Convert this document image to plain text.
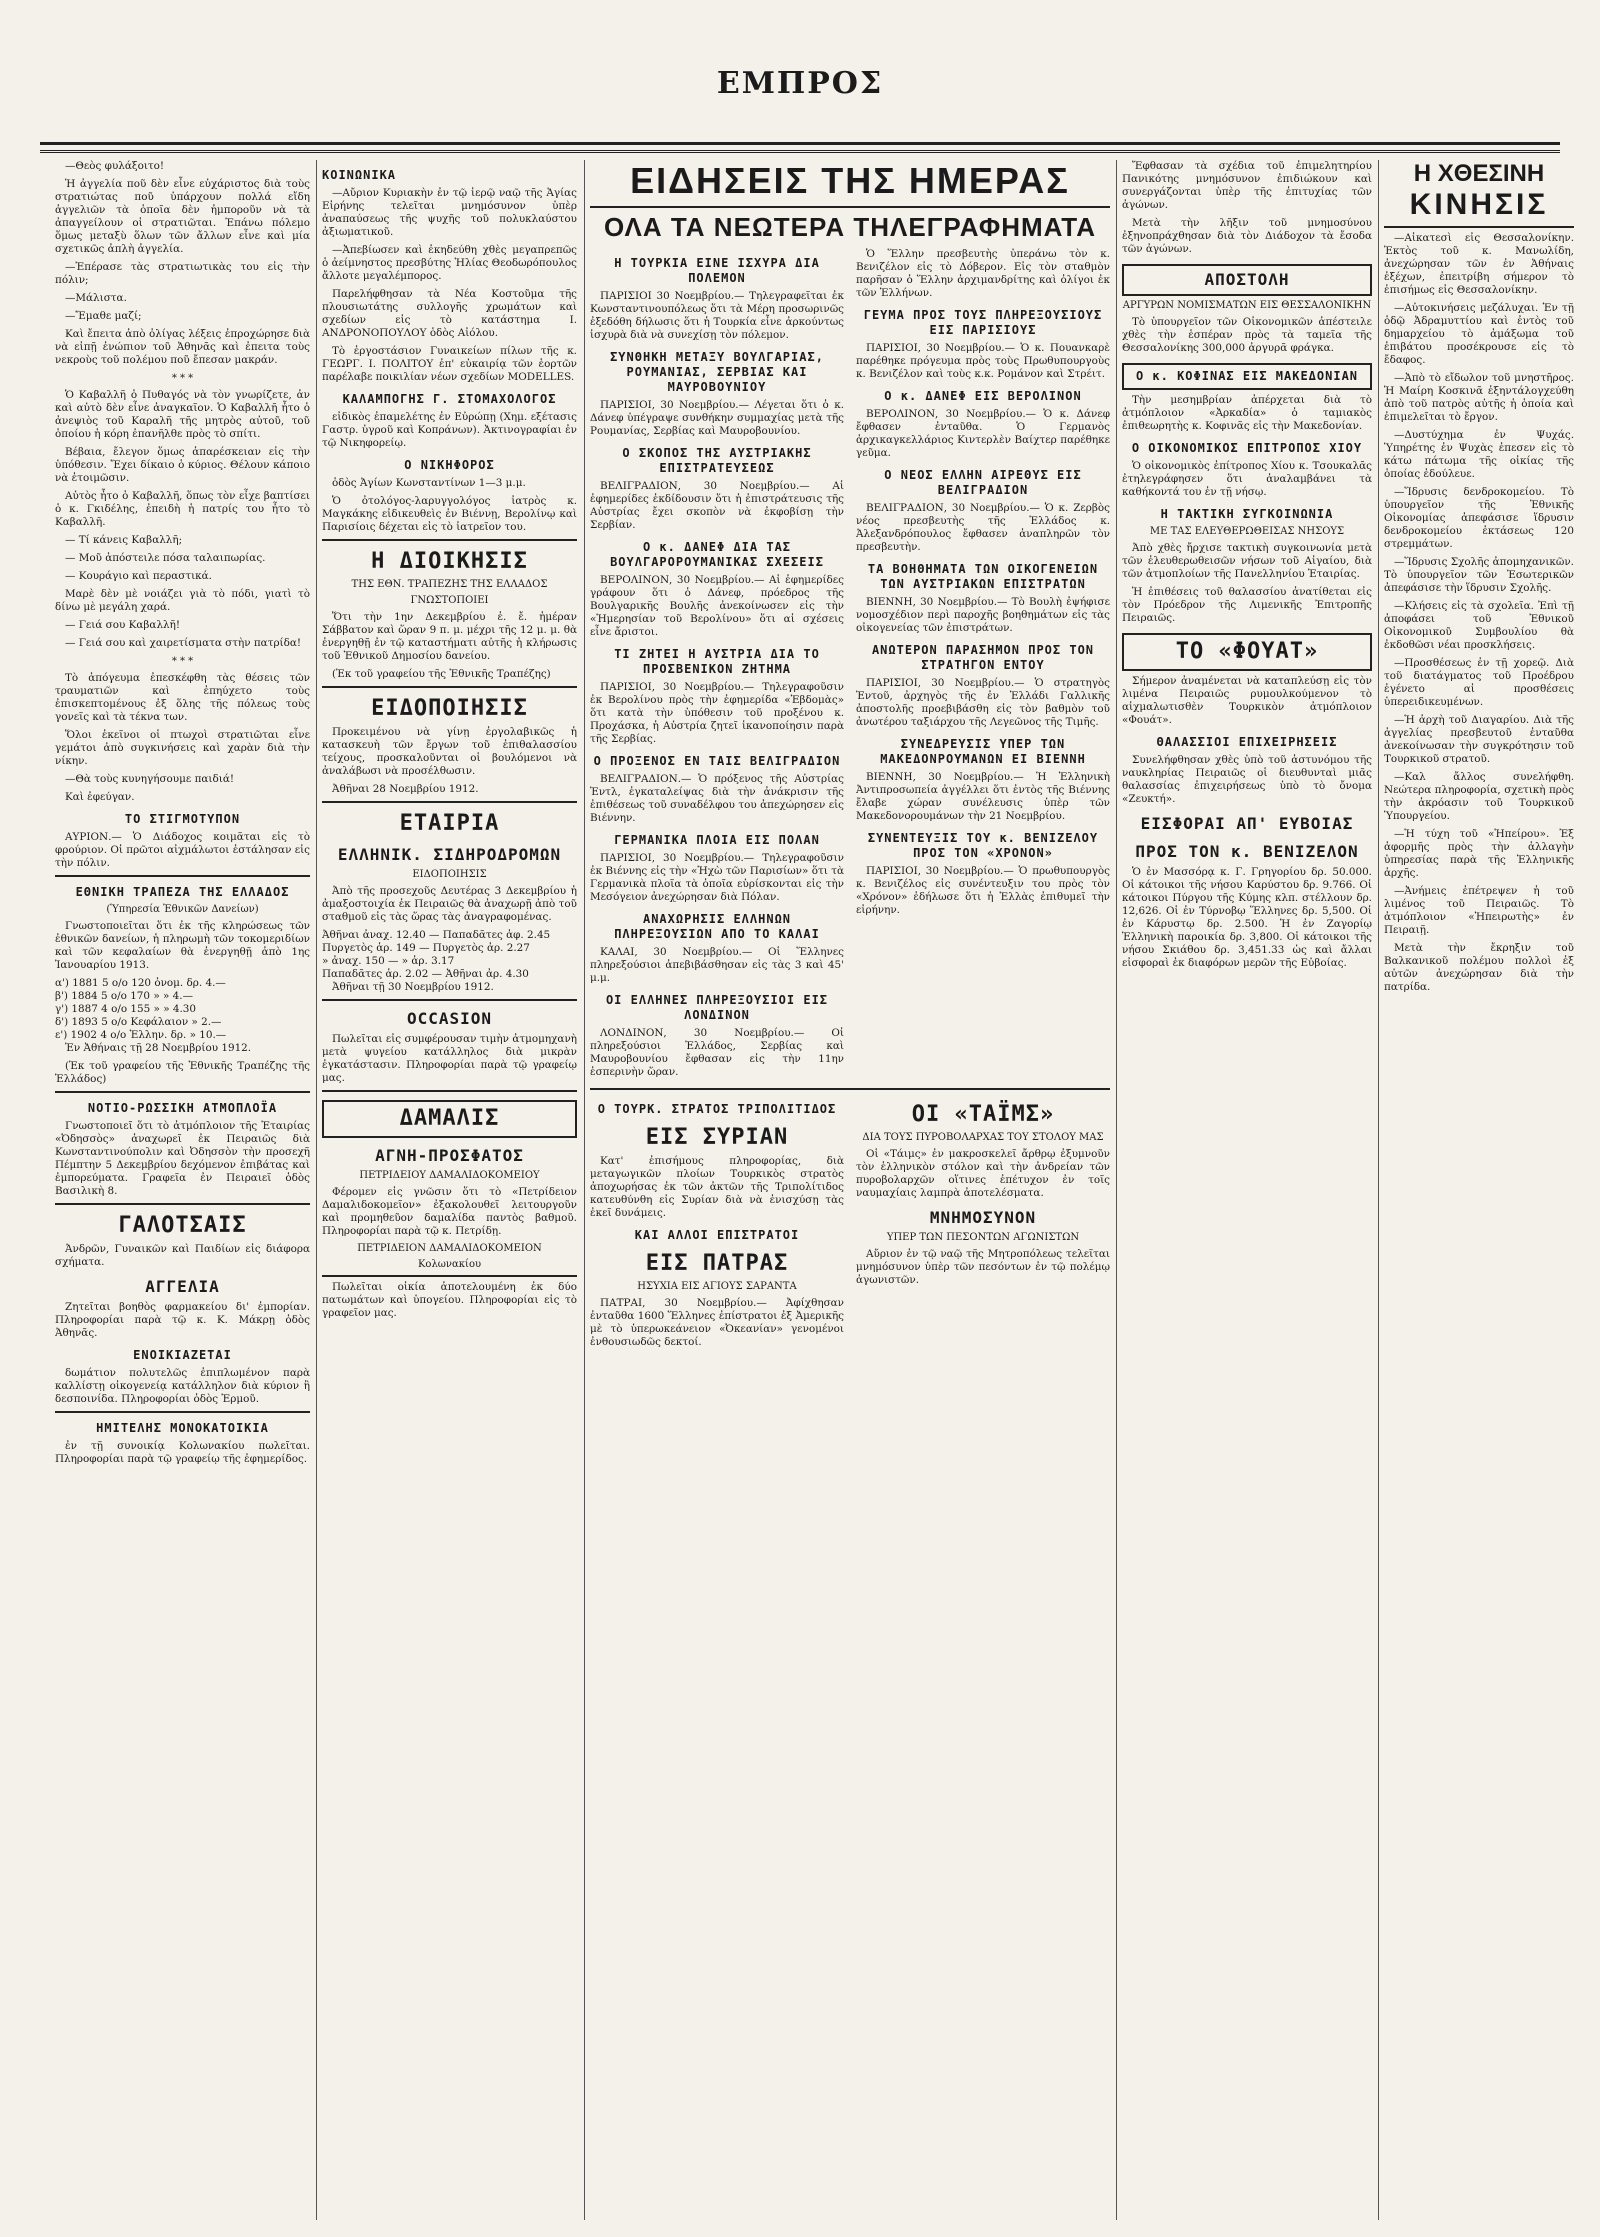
ΕΜΠΡΟΣ

—Θεὸς φυλάξοιτο!

Ἡ ἀγγελία ποῦ δὲν εἶνε εὐχάριστος διὰ τοὺς στρατιώτας ποῦ ὑπάρχουν πολλά εἴδη ἀγγελιῶν τὰ ὁποῖα δὲν ἠμποροῦν νὰ τὰ ἀπαγγείλουν οἱ στρατιῶται. Ἐπάνω πόλεμο ὅμως μεταξὺ ὅλων τῶν ἄλλων εἶνε καὶ μία σχετικῶς ἀπλὴ ἀγγελία.

—Ἐπέρασε τὰς στρατιωτικὰς του εἰς τὴν πόλιν;

—Μάλιστα.

—Ἔμαθε μαζί;

Καὶ ἔπειτα ἀπὸ ὀλίγας λέξεις ἐπροχώρησε διὰ νὰ εἰπῇ ἐνώπιον τοῦ Ἀθηνᾶς καὶ ἐπειτα τοὺς νεκροὺς τοῦ πολέμου ποῦ ἔπεσαν μακράν.

* * *

Ὁ Καβαλλῆ ὁ Πυθαγός νὰ τὸν γνωρίζετε, ἀν καὶ αὐτὸ δὲν εἶνε ἀναγκαῖον. Ὁ Καβαλλῆ ἦτο ὁ ἀνεψιὸς τοῦ Καραλῆ τῆς μητρὸς αὐτοῦ, τοῦ ὁποίου ἡ κόρη ἐπανῆλθε πρὸς τὸ σπίτι.

Βέβαια, ἔλεγον ὅμως ἀπαρέσκειαν εἰς τὴν ὑπόθεσιν. Ἔχει δίκαιο ὁ κύριος. Θέλουν κάποιο νὰ ἐτοιμῶσιν.

Αὐτὸς ἦτο ὁ Καβαλλῆ, ὅπως τὸν εἶχε βαπτίσει ὁ κ. Γκιδέλης, ἐπειδὴ ἡ πατρίς του ἦτο τὸ Καβαλλῆ.

— Τί κάνεις Καβαλλῆ;

— Μοῦ ἀπόστειλε πόσα ταλαιπωρίας.

— Κουράγιο καὶ περαστικά.

Μαρὲ δὲν μὲ νοιάζει γιὰ τὸ πόδι, γιατὶ τὸ δίνω μὲ μεγάλη χαρά.

— Γειά σου Καβαλλῆ!

— Γειά σου καὶ χαιρετίσματα στὴν πατρίδα!

* * *

Τὸ ἀπόγευμα ἐπεσκέφθη τὰς θέσεις τῶν τραυματιῶν καὶ ἐπηύχετο τοὺς ἐπισκεπτομένους ἐξ ὅλης τῆς πόλεως τοὺς γονεῖς καὶ τὰ τέκνα των.

Ὅλοι ἐκεῖνοι οἱ πτωχοὶ στρατιῶται εἶνε γεμάτοι ἀπὸ συγκινήσεις καὶ χαρὰν διὰ τὴν νίκην.

—Θὰ τοὺς κυνηγήσουμε παιδιά!

Καὶ ἐφεύγαν.

ΤΟ ΣΤΙΓΜΟΤΥΠΟΝ

ΑΥΡΙΟΝ.— Ὁ Διάδοχος κοιμᾶται εἰς τὸ φρούριον. Οἱ πρῶτοι αἰχμάλωτοι ἐστάλησαν εἰς τὴν πόλιν.

ΕΘΝΙΚΗ ΤΡΑΠΕΖΑ ΤΗΣ ΕΛΛΑΔΟΣ
(Ὑπηρεσία Ἐθνικῶν Δανείων)

Γνωστοποιεῖται ὅτι ἐκ τῆς κληρώσεως τῶν ἐθνικῶν δανείων, ἡ πληρωμὴ τῶν τοκομεριδίων καὶ τῶν κεφαλαίων θὰ ἐνεργηθῇ ἀπὸ 1ης Ἰανουαρίου 1913.

α') 1881 5 ο/ο 120 ὀνομ. δρ. 4.—
β') 1884 5 ο/ο 170 » » 4.—
γ') 1887 4 ο/ο 155 » » 4.30
δ') 1893 5 ο/ο Κεφάλαιον » 2.—
ε') 1902 4 ο/ο Ἑλλην. δρ. » 10.—

Ἐν Ἀθήναις τῇ 28 Νοεμβρίου 1912.

(Ἐκ τοῦ γραφείου τῆς Ἐθνικῆς Τραπέζης τῆς Ἑλλάδος)

ΝΟΤΙΟ-ΡΩΣΣΙΚΗ ΑΤΜΟΠΛΟΪΑ

Γνωστοποιεῖ ὅτι τὸ ἀτμόπλοιον τῆς Ἑταιρίας «Ὀδησσὸς» ἀναχωρεῖ ἐκ Πειραιῶς διὰ Κωνσταντινούπολιν καὶ Ὀδησσὸν τὴν προσεχῆ Πέμπτην 5 Δεκεμβρίου δεχόμενον ἐπιβάτας καὶ ἐμπορεύματα. Γραφεῖα ἐν Πειραιεῖ ὁδὸς Βασιλικὴ 8.

ΓΑΛΟΤΣΑΙΣ

Ἀνδρῶν, Γυναικῶν καὶ Παιδίων εἰς διάφορα σχήματα.

ΑΓΓΕΛΙΑ

Ζητεῖται βοηθὸς φαρμακείου δι' ἐμπορίαν. Πληροφορίαι παρὰ τῷ κ. Κ. Μάκρῃ ὁδὸς Ἀθηνᾶς.

ΕΝΟΙΚΙΑΖΕΤΑΙ

δωμάτιον πολυτελῶς ἐπιπλωμένον παρὰ καλλίστῃ οἰκογενείᾳ κατάλληλον διὰ κύριον ἢ δεσποινίδα. Πληροφορίαι ὁδὸς Ἐρμοῦ.

ΗΜΙΤΕΛΗΣ ΜΟΝΟΚΑΤΟΙΚΙΑ

ἐν τῇ συνοικίᾳ Κολωνακίου πωλεῖται. Πληροφορίαι παρὰ τῷ γραφείῳ τῆς ἐφημερίδος.

ΚΟΙΝΩΝΙΚΑ

—Αὔριον Κυριακὴν ἐν τῷ ἱερῷ ναῷ τῆς Ἁγίας Εἰρήνης τελεῖται μνημόσυνον ὑπὲρ ἀναπαύσεως τῆς ψυχῆς τοῦ πολυκλαύστου ἀξιωματικοῦ.

—Ἀπεβίωσεν καὶ ἐκηδεύθη χθὲς μεγαπρεπῶς ὁ ἀείμνηστος πρεσβύτης Ἠλίας Θεοδωρόπουλος ἄλλοτε μεγαλέμπορος.

Παρελήφθησαν τὰ Νέα Κοστοῦμα τῆς πλουσιωτάτης συλλογῆς χρωμάτων καὶ σχεδίων εἰς τὸ κατάστημα Ι. ΑΝΔΡΟΝΟΠΟΥΛΟΥ ὁδὸς Αἰόλου.

Τὸ ἐργοστάσιον Γυναικείων πίλων τῆς κ. ΓΕΩΡΓ. Ι. ΠΟΛΙΤΟΥ ἐπ' εὐκαιρίᾳ τῶν ἑορτῶν παρέλαβε ποικιλίαν νέων σχεδίων MODELLES.

ΚΑΛΑΜΠΟΓΗΣ Γ. ΣΤΟΜΑΧΟΛΟΓΟΣ

εἰδικὸς ἐπαμελέτης ἐν Εὐρώπῃ (Χημ. εξέτασις Γαστρ. ὑγροῦ καὶ Κοπράνων). Ἀκτινογραφίαι ἐν τῷ Νικηφορείῳ.

Ο ΝΙΚΗΦΟΡΟΣ

ὁδὸς Ἀγίων Κωνσταντίνων 1—3 μ.μ.

Ὁ ὀτολόγος-λαρυγγολόγος ἰατρὸς κ. Μαγκάκης εἰδικευθεὶς ἐν Βιέννῃ, Βερολίνῳ καὶ Παρισίοις δέχεται εἰς τὸ ἰατρεῖον του.

Η ΔΙΟΙΚΗΣΙΣ
ΤΗΣ ΕΘΝ. ΤΡΑΠΕΖΗΣ ΤΗΣ ΕΛΛΑΔΟΣ
ΓΝΩΣΤΟΠΟΙΕΙ

Ὅτι τὴν 1ην Δεκεμβρίου ἐ. ἔ. ἡμέραν Σάββατον καὶ ὥραν 9 π. μ. μέχρι τῆς 12 μ. μ. θὰ ἐνεργηθῇ ἐν τῷ καταστήματι αὐτῆς ἡ κλήρωσις τοῦ Ἐθνικοῦ Δημοσίου δανείου.

(Ἐκ τοῦ γραφείου τῆς Ἐθνικῆς Τραπέζης)

ΕΙΔΟΠΟΙΗΣΙΣ

Προκειμένου νὰ γίνῃ ἐργολαβικῶς ἡ κατασκευὴ τῶν ἔργων τοῦ ἐπιθαλασσίου τείχους, προσκαλοῦνται οἱ βουλόμενοι νὰ ἀναλάβωσι νὰ προσέλθωσιν.

Ἀθῆναι 28 Νοεμβρίου 1912.

ΕΤΑΙΡΙΑ
ΕΛΛΗΝΙΚ. ΣΙΔΗΡΟΔΡΟΜΩΝ
ΕΙΔΟΠΟΙΗΣΙΣ

Ἀπὸ τῆς προσεχοῦς Δευτέρας 3 Δεκεμβρίου ἡ ἀμαξοστοιχία ἐκ Πειραιῶς θὰ ἀναχωρῇ ἀπὸ τοῦ σταθμοῦ εἰς τὰς ὥρας τὰς ἀναγραφομένας.

Ἀθῆναι ἀναχ. 12.40 — Παπαδᾶτες ἀφ. 2.45
Πυργετὸς ἀρ. 149 — Πυργετὸς ἀρ. 2.27
» ἀναχ. 150 — » ἀρ. 3.17
Παπαδᾶτες ἀρ. 2.02 — Ἀθῆναι ἀρ. 4.30

Ἀθῆναι τῇ 30 Νοεμβρίου 1912.

OCCASION

Πωλεῖται εἰς συμφέρουσαν τιμὴν ἀτμομηχανὴ μετὰ ψυγείου κατάλληλος διὰ μικρὰν ἐγκατάστασιν. Πληροφορίαι παρὰ τῷ γραφείῳ μας.

ΔΑΜΑΛΙΣ
ΑΓΝΗ-ΠΡΟΣΦΑΤΟΣ
ΠΕΤΡΙΔΕΙΟΥ ΔΑΜΑΛΙΔΟΚΟΜΕΙΟΥ

Φέρομεν εἰς γνῶσιν ὅτι τὸ «Πετρίδειον Δαμαλιδοκομεῖον» ἐξακολουθεῖ λειτουργοῦν καὶ προμηθεῦον δαμαλίδα παντὸς βαθμοῦ. Πληροφορίαι παρὰ τῷ κ. Πετρίδῃ.

ΠΕΤΡΙΔΕΙΟΝ ΔΑΜΑΛΙΔΟΚΟΜΕΙΟΝ
Κολωνακίου

Πωλεῖται οἰκία ἀποτελουμένη ἐκ δύο πατωμάτων καὶ ὑπογείου. Πληροφορίαι εἰς τὸ γραφεῖον μας.

ΕΙΔΗΣΕΙΣ ΤΗΣ ΗΜΕΡΑΣ
ΟΛΑ ΤΑ ΝΕΩΤΕΡΑ ΤΗΛΕΓΡΑΦΗΜΑΤΑ
Η ΤΟΥΡΚΙΑ ΕΙΝΕ ΙΣΧΥΡΑ ΔΙΑ ΠΟΛΕΜΟΝ

ΠΑΡΙΣΙΟΙ 30 Νοεμβρίου.— Τηλεγραφεῖται ἐκ Κωνσταντινουπόλεως ὅτι τὰ Μέρη προσωρινῶς ἐξεδόθη δήλωσις ὅτι ἡ Τουρκία εἶνε ἀρκούντως ἰσχυρὰ διὰ νὰ συνεχίσῃ τὸν πόλεμον.

ΣΥΝΘΗΚΗ ΜΕΤΑΞΥ ΒΟΥΛΓΑΡΙΑΣ, ΡΟΥΜΑΝΙΑΣ, ΣΕΡΒΙΑΣ ΚΑΙ ΜΑΥΡΟΒΟΥΝΙΟΥ

ΠΑΡΙΣΙΟΙ, 30 Νοεμβρίου.— Λέγεται ὅτι ὁ κ. Δάνεφ ὑπέγραψε συνθήκην συμμαχίας μετὰ τῆς Ρουμανίας, Σερβίας καὶ Μαυροβουνίου.

Ο ΣΚΟΠΟΣ ΤΗΣ ΑΥΣΤΡΙΑΚΗΣ ΕΠΙΣΤΡΑΤΕΥΣΕΩΣ

ΒΕΛΙΓΡΑΔΙΟΝ, 30 Νοεμβρίου.— Αἱ ἐφημερίδες ἐκδίδουσιν ὅτι ἡ ἐπιστράτευσις τῆς Αὐστρίας ἔχει σκοπὸν νὰ ἐκφοβίσῃ τὴν Σερβίαν.

Ο κ. ΔΑΝΕΦ ΔΙΑ ΤΑΣ ΒΟΥΛΓΑΡΟΡΟΥΜΑΝΙΚΑΣ ΣΧΕΣΕΙΣ

ΒΕΡΟΛΙΝΟΝ, 30 Νοεμβρίου.— Αἱ ἐφημερίδες γράφουν ὅτι ὁ Δάνεφ, πρόεδρος τῆς Βουλγαρικῆς Βουλῆς ἀνεκοίνωσεν εἰς τὴν «Ἡμερησίαν τοῦ Βερολίνου» ὅτι αἱ σχέσεις εἶνε ἄριστοι.

ΤΙ ΖΗΤΕΙ Η ΑΥΣΤΡΙΑ ΔΙΑ ΤΟ ΠΡΟΣΒΕΝΙΚΟΝ ΖΗΤΗΜΑ

ΠΑΡΙΣΙΟΙ, 30 Νοεμβρίου.— Τηλεγραφοῦσιν ἐκ Βερολίνου πρὸς τὴν ἐφημερίδα «Ἐβδομὰς» ὅτι κατὰ τὴν ὑπόθεσιν τοῦ προξένου κ. Προχάσκα, ἡ Αὐστρία ζητεῖ ἱκανοποίησιν παρὰ τῆς Σερβίας.

Ο ΠΡΟΞΕΝΟΣ ΕΝ ΤΑΙΣ ΒΕΛΙΓΡΑΔΙΟΝ

ΒΕΛΙΓΡΑΔΙΟΝ.— Ὁ πρόξενος τῆς Αὐστρίας Ἐντλ, ἐγκαταλείψας διὰ τὴν ἀνάκρισιν τῆς ἐπιθέσεως τοῦ συναδέλφου του ἀπεχώρησεν εἰς Βιέννην.

ΓΕΡΜΑΝΙΚΑ ΠΛΟΙΑ ΕΙΣ ΠΟΛΑΝ

ΠΑΡΙΣΙΟΙ, 30 Νοεμβρίου.— Τηλεγραφοῦσιν ἐκ Βιέννης εἰς τὴν «Ἠχὼ τῶν Παρισίων» ὅτι τὰ Γερμανικὰ πλοῖα τὰ ὁποῖα εὑρίσκονται εἰς τὴν Μεσόγειον ἀνεχώρησαν διὰ Πόλαν.

ΑΝΑΧΩΡΗΣΙΣ ΕΛΛΗΝΩΝ ΠΛΗΡΕΞΟΥΣΙΩΝ ΑΠΟ ΤΟ ΚΑΛΑΙ

ΚΑΛΑΙ, 30 Νοεμβρίου.— Οἱ Ἕλληνες πληρεξούσιοι ἀπεβιβάσθησαν εἰς τὰς 3 καὶ 45' μ.μ.

ΟΙ ΕΛΛΗΝΕΣ ΠΛΗΡΕΞΟΥΣΙΟΙ ΕΙΣ ΛΟΝΔΙΝΟΝ

ΛΟΝΔΙΝΟΝ, 30 Νοεμβρίου.— Οἱ πληρεξούσιοι Ἑλλάδος, Σερβίας καὶ Μαυροβουνίου ἔφθασαν εἰς τὴν 11ην ἑσπερινὴν ὥραν.

Ὁ Ἕλλην πρεσβευτὴς ὑπεράνω τὸν κ. Βενιζέλον εἰς τὸ Δόβερον. Εἰς τὸν σταθμὸν παρῆσαν ὁ Ἕλλην ἀρχιμανδρίτης καὶ ὀλίγοι ἐκ τῶν Ἑλλήνων.

ΓΕΥΜΑ ΠΡΟΣ ΤΟΥΣ ΠΛΗΡΕΞΟΥΣΙΟΥΣ ΕΙΣ ΠΑΡΙΣΙΟΥΣ

ΠΑΡΙΣΙΟΙ, 30 Νοεμβρίου.— Ὁ κ. Πουανκαρὲ παρέθηκε πρόγευμα πρὸς τοὺς Πρωθυπουργοὺς κ. Βενιζέλον καὶ τοὺς κ.κ. Ρομάνον καὶ Στρέιτ.

Ο κ. ΔΑΝΕΦ ΕΙΣ ΒΕΡΟΛΙΝΟΝ

ΒΕΡΟΛΙΝΟΝ, 30 Νοεμβρίου.— Ὁ κ. Δάνεφ ἔφθασεν ἐνταῦθα. Ὁ Γερμανὸς ἀρχικαγκελλάριος Κιντερλὲν Βαίχτερ παρέθηκε γεῦμα.

Ο ΝΕΟΣ ΕΛΛΗΝ ΑΙΡΕΘΥΣ ΕΙΣ ΒΕΛΙΓΡΑΔΙΟΝ

ΒΕΛΙΓΡΑΔΙΟΝ, 30 Νοεμβρίου.— Ὁ κ. Ζερβὸς νέος πρεσβευτὴς τῆς Ἑλλάδος κ. Ἀλεξανδρόπουλος ἔφθασεν ἀναπληρῶν τὸν πρεσβευτὴν.

ΤΑ ΒΟΗΘΗΜΑΤΑ ΤΩΝ ΟΙΚΟΓΕΝΕΙΩΝ ΤΩΝ ΑΥΣΤΡΙΑΚΩΝ ΕΠΙΣΤΡΑΤΩΝ

ΒΙΕΝΝΗ, 30 Νοεμβρίου.— Τὸ Βουλὴ ἐψήφισε νομοσχέδιον περὶ παροχῆς βοηθημάτων εἰς τὰς οἰκογενείας τῶν ἐπιστράτων.

ΑΝΩΤΕΡΟΝ ΠΑΡΑΣΗΜΟΝ ΠΡΟΣ ΤΟΝ ΣΤΡΑΤΗΓΟΝ ΕΝΤΟΥ

ΠΑΡΙΣΙΟΙ, 30 Νοεμβρίου.— Ὁ στρατηγὸς Ἐντοῦ, ἀρχηγὸς τῆς ἐν Ἑλλάδι Γαλλικῆς ἀποστολῆς προεβιβάσθη εἰς τὸν βαθμὸν τοῦ ἀνωτέρου ταξιάρχου τῆς Λεγεῶνος τῆς Τιμῆς.

ΣΥΝΕΔΡΕΥΣΙΣ ΥΠΕΡ ΤΩΝ ΜΑΚΕΔΟΝΡΟΥΜΑΝΩΝ ΕΙ ΒΙΕΝΝΗ

ΒΙΕΝΝΗ, 30 Νοεμβρίου.— Ἡ Ἑλληνικὴ Ἀντιπροσωπεία ἀγγέλλει ὅτι ἐντὸς τῆς Βιέννης ἔλαβε χώραν συνέλευσις ὑπὲρ τῶν Μακεδονορουμάνων τὴν 21 Νοεμβρίου.

ΣΥΝΕΝΤΕΥΞΙΣ ΤΟΥ κ. ΒΕΝΙΖΕΛΟΥ ΠΡΟΣ ΤΟΝ «ΧΡΟΝΟΝ»

ΠΑΡΙΣΙΟΙ, 30 Νοεμβρίου.— Ὁ πρωθυπουργὸς κ. Βενιζέλος εἰς συνέντευξιν του πρὸς τὸν «Χρόνον» ἐδήλωσε ὅτι ἡ Ἑλλὰς ἐπιθυμεῖ τὴν εἰρήνην.

Ο ΤΟΥΡΚ. ΣΤΡΑΤΟΣ ΤΡΙΠΟΛΙΤΙΔΟΣ
ΕΙΣ ΣΥΡΙΑΝ

Κατ' ἐπισήμους πληροφορίας, διὰ μεταγωγικῶν πλοίων Τουρκικὸς στρατὸς ἀποχωρήσας ἐκ τῶν ἀκτῶν τῆς Τριπολίτιδος κατευθύνθη εἰς Συρίαν διὰ νὰ ἐνισχύσῃ τὰς ἐκεῖ δυνάμεις.

ΚΑΙ ΑΛΛΟΙ ΕΠΙΣΤΡΑΤΟΙ
ΕΙΣ ΠΑΤΡΑΣ
ΗΣΥΧΙΑ ΕΙΣ ΑΓΙΟΥΣ ΣΑΡΑΝΤΑ

ΠΑΤΡΑΙ, 30 Νοεμβρίου.— Ἀφίχθησαν ἐνταῦθα 1600 Ἕλληνες ἐπίστρατοι ἐξ Ἀμερικῆς μὲ τὸ ὑπερωκεάνειον «Ὀκεανίαν» γενομένοι ἐνθουσιωδῶς δεκτοί.

ΟΙ «ΤΑΪΜΣ»
ΔΙΑ ΤΟΥΣ ΠΥΡΟΒΟΛΑΡΧΑΣ ΤΟΥ ΣΤΟΛΟΥ ΜΑΣ

Οἱ «Τάιμς» ἐν μακροσκελεῖ ἄρθρῳ ἐξυμνοῦν τὸν ἑλληνικὸν στόλον καὶ τὴν ἀνδρείαν τῶν πυροβολαρχῶν οἵτινες ἐπέτυχον ἐν τοῖς ναυμαχίαις λαμπρὰ ἀποτελέσματα.

ΜΝΗΜΟΣΥΝΟΝ
ΥΠΕΡ ΤΩΝ ΠΕΣΟΝΤΩΝ ΑΓΩΝΙΣΤΩΝ

Αὔριον ἐν τῷ ναῷ τῆς Μητροπόλεως τελεῖται μνημόσυνον ὑπὲρ τῶν πεσόντων ἐν τῷ πολέμῳ ἀγωνιστῶν.

Ἔφθασαν τὰ σχέδια τοῦ ἐπιμελητηρίου Πανικότης μνημόσυνον ἐπιδιώκουν καὶ συνεργάζονται ὑπὲρ τῆς ἐπιτυχίας τῶν ἀγώνων.

Μετὰ τὴν λῆξιν τοῦ μνημοσύνου ἐξηνοπράχθησαν διὰ τὸν Διάδοχον τὰ ἔσοδα τῶν ἀγώνων.

ΑΠΟΣΤΟΛΗ
ΑΡΓΥΡΩΝ ΝΟΜΙΣΜΑΤΩΝ ΕΙΣ ΘΕΣΣΑΛΟΝΙΚΗΝ

Τὸ ὑπουργεῖον τῶν Οἰκονομικῶν ἀπέστειλε χθὲς τὴν ἑσπέραν πρὸς τὰ ταμεῖα τῆς Θεσσαλονίκης 300,000 ἀργυρᾶ φράγκα.

Ο κ. ΚΟΦΙΝΑΣ ΕΙΣ ΜΑΚΕΔΟΝΙΑΝ

Τὴν μεσημβρίαν ἀπέρχεται διὰ τὸ ἀτμόπλοιον «Ἀρκαδία» ὁ ταμιακὸς ἐπιθεωρητὴς κ. Κοφινᾶς εἰς τὴν Μακεδονίαν.

Ο ΟΙΚΟΝΟΜΙΚΟΣ ΕΠΙΤΡΟΠΟΣ ΧΙΟΥ

Ὁ οἰκονομικὸς ἐπίτροπος Χίου κ. Τσουκαλᾶς ἐτηλεγράφησεν ὅτι ἀναλαμβάνει τὰ καθήκοντά του ἐν τῇ νήσῳ.

Η ΤΑΚΤΙΚΗ ΣΥΓΚΟΙΝΩΝΙΑ
ΜΕ ΤΑΣ ΕΛΕΥΘΕΡΩΘΕΙΣΑΣ ΝΗΣΟΥΣ

Ἀπὸ χθὲς ἤρχισε τακτικὴ συγκοινωνία μετὰ τῶν ἐλευθερωθεισῶν νήσων τοῦ Αἰγαίου, διὰ τῶν ἀτμοπλοίων τῆς Πανελληνίου Ἑταιρίας.

Ἡ ἐπιθέσεις τοῦ θαλασσίου ἀνατίθεται εἰς τὸν Πρόεδρον τῆς Λιμενικῆς Ἐπιτροπῆς Πειραιῶς.

ΤΟ «ΦΟΥΑΤ»

Σήμερον ἀναμένεται νὰ καταπλεύσῃ εἰς τὸν λιμένα Πειραιῶς ρυμουλκούμενον τὸ αἰχμαλωτισθὲν Τουρκικὸν ἀτμόπλοιον «Φουάτ».

ΘΑΛΑΣΣΙΟΙ ΕΠΙΧΕΙΡΗΣΕΙΣ

Συνελήφθησαν χθὲς ὑπὸ τοῦ ἀστυνόμου τῆς ναυκληρίας Πειραιῶς οἱ διευθυνταὶ μιᾶς θαλασσίας ἐπιχειρήσεως ὑπὸ τὸ ὄνομα «Ζευκτή».

ΕΙΣΦΟΡΑΙ ΑΠ' ΕΥΒΟΙΑΣ
ΠΡΟΣ ΤΟΝ κ. ΒΕΝΙΖΕΛΟΝ

Ὁ ἐν Μασσόρᾳ κ. Γ. Γρηγορίου δρ. 50.000. Οἱ κάτοικοι τῆς νήσου Καρύστου δρ. 9.766. Οἱ κάτοικοι Πύργου τῆς Κύμης κλπ. στέλλουν δρ. 12,626. Οἱ ἐν Τύρνοβῳ Ἕλληνες δρ. 5,500. Οἱ ἐν Κάρυστῳ δρ. 2.500. Ἡ ἐν Ζαγορίῳ Ἑλληνικὴ παροικία δρ. 3,800. Οἱ κάτοικοι τῆς νήσου Σκιάθου δρ. 3,451.33 ὡς καὶ ἄλλαι εἰσφοραὶ ἐκ διαφόρων μερῶν τῆς Εὐβοίας.

Η ΧΘΕΣΙΝΗ
ΚΙΝΗΣΙΣ

—Αἰκατεσὶ εἰς Θεσσαλονίκην. Ἐκτὸς τοῦ κ. Μανωλίδη, ἀνεχώρησαν τῶν ἐν Ἀθήναις ἐξέχων, ἐπειτρίβη σήμερον τὸ ἐπισήμως εἰς Θεσσαλονίκην.

—Αὐτοκινήσεις μεζάλυχαι. Ἐν τῇ ὁδῷ Ἀδραμυττίου καὶ ἐντὸς τοῦ δημαρχείου τὸ ἀμάξωμα τοῦ ἐπιβάτου προσέκρουσε εἰς τὸ ἔδαφος.

—Ἀπὸ τὸ εἴδωλον τοῦ μνηστῆρος. Ἡ Μαίρη Κοσκινᾶ ἐξηντάλογχεύθη ἀπὸ τοῦ πατρὸς αὐτῆς ἡ ὁποία καὶ ἐπιμελεῖται τὸ ἔργον.

—Δυστύχημα ἐν Ψυχάς. Ὑπηρέτης ἐν Ψυχὰς ἐπεσεν εἰς τὸ κάτω πάτωμα τῆς οἰκίας τῆς ὁποίας ἐδούλευε.

—Ἵδρυσις δενδροκομείου. Τὸ ὑπουργεῖον τῆς Ἐθνικῆς Οἰκονομίας ἀπεφάσισε ἵδρυσιν δενδροκομείου ἐκτάσεως 120 στρεμμάτων.

—Ἵδρυσις Σχολῆς ἀπομηχανικῶν. Τὸ ὑπουργεῖον τῶν Ἐσωτερικῶν ἀπεφάσισε τὴν ἵδρυσιν Σχολῆς.

—Κλήσεις εἰς τὰ σχολεῖα. Ἐπὶ τῇ ἀποφάσει τοῦ Ἐθνικοῦ Οἰκονομικοῦ Συμβουλίου θὰ ἐκδοθῶσι νέαι προσκλήσεις.

—Προσθέσεως ἐν τῇ χορεῷ. Διὰ τοῦ διατάγματος τοῦ Προέδρου ἐγένετο αἱ προσθέσεις ὑπερειδικευμένων.

—Ἡ ἀρχὴ τοῦ Διαγαρίου. Διὰ τῆς ἀγγελίας πρεσβευτοῦ ἐνταῦθα ἀνεκοίνωσαν τὴν συγκρότησιν τοῦ Τουρκικοῦ στρατοῦ.

—Καλ ἄλλος συνελήφθη. Νεώτερα πληροφορία, σχετικὴ πρὸς τὴν ἀκρόασιν τοῦ Τουρκικοῦ Ὑπουργείου.

—Ἡ τύχη τοῦ «Ἡπείρου». Ἐξ ἀφορμῆς πρὸς τὴν ἀλλαγὴν ὑπηρεσίας παρὰ τῆς Ἑλληνικῆς ἀρχῆς.

—Ἀνήμεις ἐπέτρεψεν ἡ τοῦ λιμένος τοῦ Πειραιῶς. Τὸ ἀτμόπλοιον «Ἠπειρωτὴς» ἐν Πειραιῇ.

Μετὰ τὴν ἔκρηξιν τοῦ Βαλκανικοῦ πολέμου πολλοὶ ἐξ αὐτῶν ἀνεχώρησαν διὰ τὴν πατρίδα.
